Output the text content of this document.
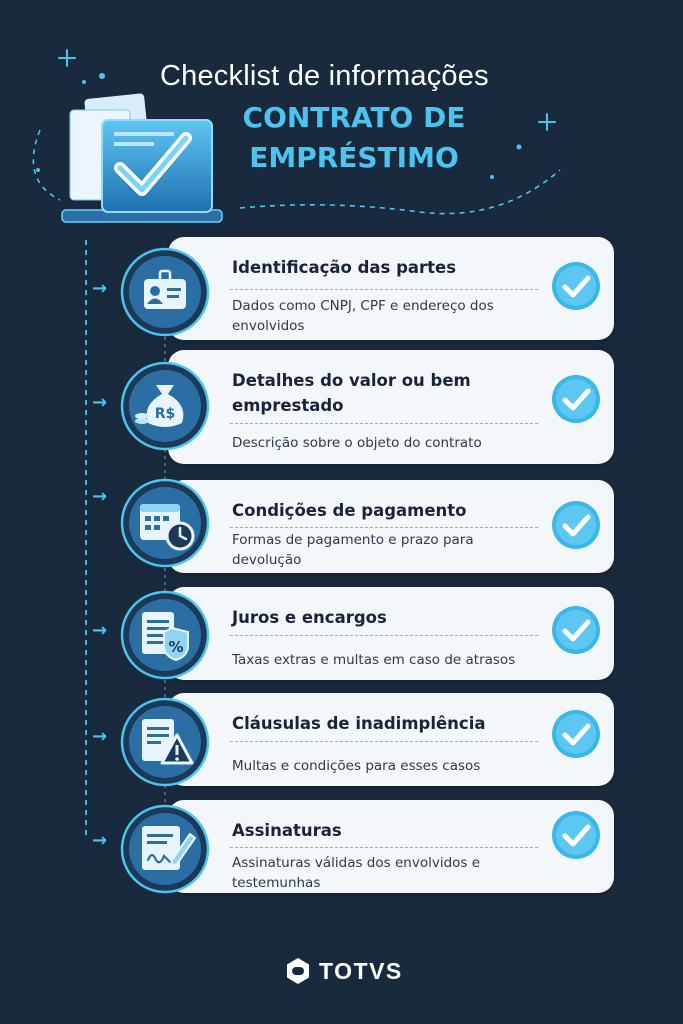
Checklist de informações
CONTRATO DE
EMPRÉSTIMO
Identificação das partes
Dados como CNPJ, CPF e endereço dos envolvidos
→
Detalhes do valor ou bem emprestado
Descrição sobre o objeto do contrato
→
R$
Condições de pagamento
Formas de pagamento e prazo para devolução
→
Juros e encargos
Taxas extras e multas em caso de atrasos
→
%
Cláusulas de inadimplência
Multas e condições para esses casos
→
Assinaturas
Assinaturas válidas dos envolvidos e testemunhas
→
TOTVS
